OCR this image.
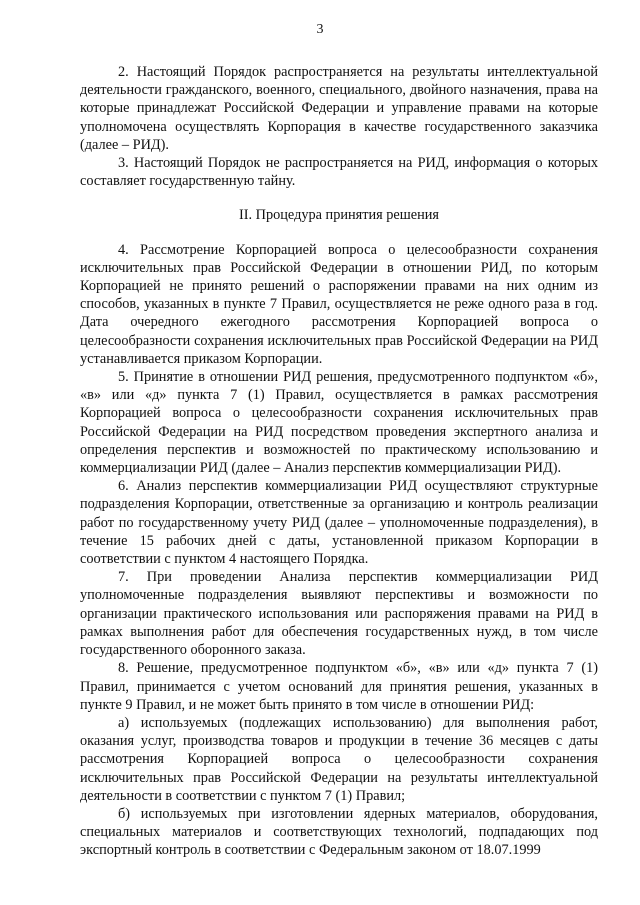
3

2. Настоящий Порядок распространяется на результаты интеллектуальной деятельности гражданского, военного, специального, двойного назначения, права на которые принадлежат Российской Федерации и управление правами на которые уполномочена осуществлять Корпорация в качестве государственного заказчика (далее – РИД).

3. Настоящий Порядок не распространяется на РИД, информация о которых составляет государственную тайну.

II. Процедура принятия решения

4. Рассмотрение Корпорацией вопроса о целесообразности сохранения исключительных прав Российской Федерации в отношении РИД, по которым Корпорацией не принято решений о распоряжении правами на них одним из способов, указанных в пункте 7 Правил, осуществляется не реже одного раза в год. Дата очередного ежегодного рассмотрения Корпорацией вопроса о целесообразности сохранения исключительных прав Российской Федерации на РИД устанавливается приказом Корпорации.

5. Принятие в отношении РИД решения, предусмотренного подпунктом «б», «в» или «д» пункта 7 (1) Правил, осуществляется в рамках рассмотрения Корпорацией вопроса о целесообразности сохранения исключительных прав Российской Федерации на РИД посредством проведения экспертного анализа и определения перспектив и возможностей по практическому использованию и коммерциализации РИД (далее – Анализ перспектив коммерциализации РИД).

6. Анализ перспектив коммерциализации РИД осуществляют структурные подразделения Корпорации, ответственные за организацию и контроль реализации работ по государственному учету РИД (далее – уполномоченные подразделения), в течение 15 рабочих дней с даты, установленной приказом Корпорации в соответствии с пунктом 4 настоящего Порядка.

7. При проведении Анализа перспектив коммерциализации РИД уполномоченные подразделения выявляют перспективы и возможности по организации практического использования или распоряжения правами на РИД в рамках выполнения работ для обеспечения государственных нужд, в том числе государственного оборонного заказа.

8. Решение, предусмотренное подпунктом «б», «в» или «д» пункта 7 (1) Правил, принимается с учетом оснований для принятия решения, указанных в пункте 9 Правил, и не может быть принято в том числе в отношении РИД:

а) используемых (подлежащих использованию) для выполнения работ, оказания услуг, производства товаров и продукции в течение 36 месяцев с даты рассмотрения Корпорацией вопроса о целесообразности сохранения исключительных прав Российской Федерации на результаты интеллектуальной деятельности в соответствии с пунктом 7 (1) Правил;

б) используемых при изготовлении ядерных материалов, оборудования, специальных материалов и соответствующих технологий, подпадающих под экспортный контроль в соответствии с Федеральным законом от 18.07.1999
